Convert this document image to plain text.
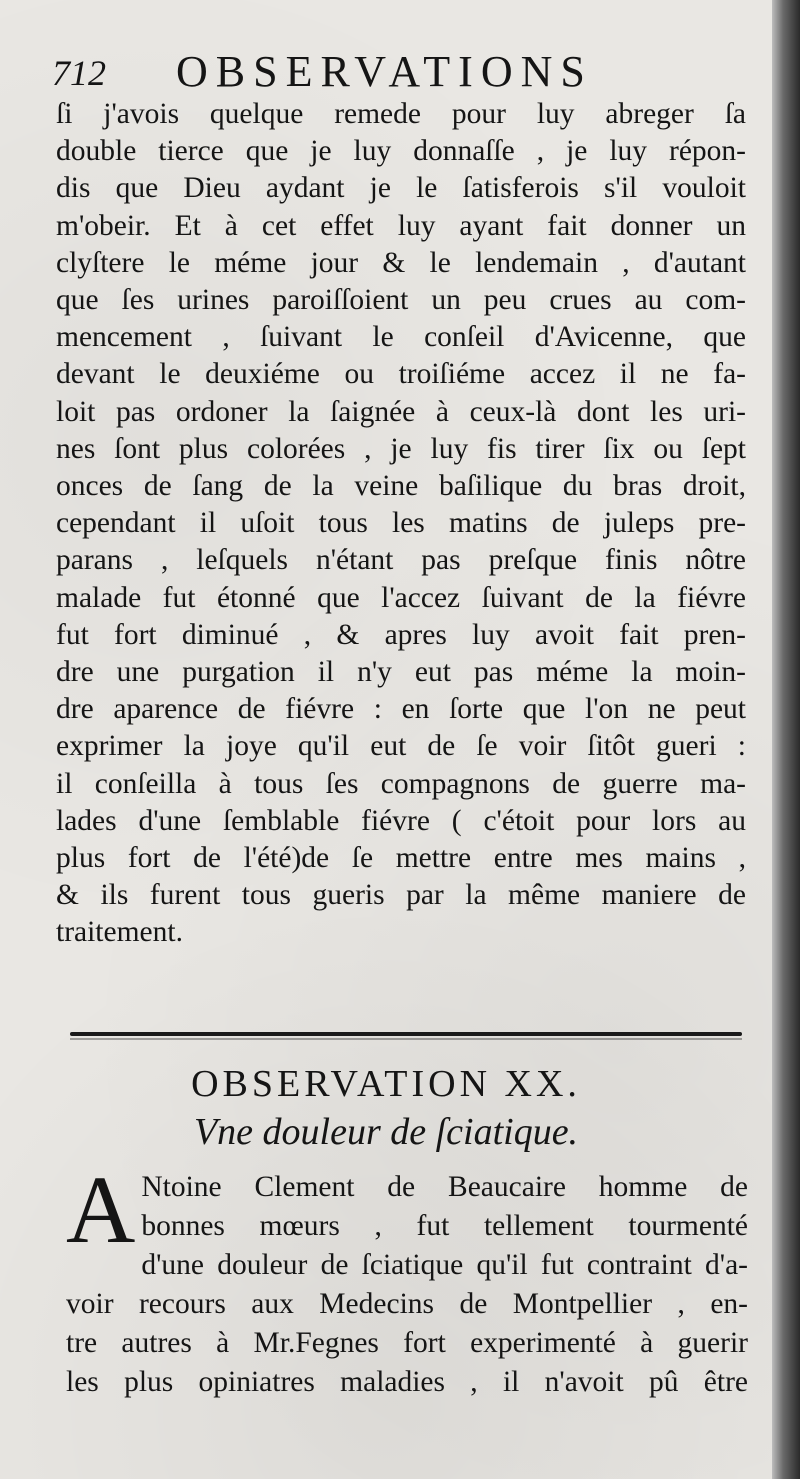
712 OBSERVATIONS
ſi j'avois quelque remede pour luy abreger ſa
double tierce que je luy donnaſſe , je luy répon-
dis que Dieu aydant je le ſatisferois s'il vouloit
m'obeir. Et à cet effet luy ayant fait donner un
clyſtere le méme jour & le lendemain , d'autant
que ſes urines paroiſſoient un peu crues au com-
mencement , ſuivant le conſeil d'Avicenne, que
devant le deuxiéme ou troiſiéme accez il ne fa-
loit pas ordoner la ſaignée à ceux-là dont les uri-
nes ſont plus colorées , je luy fis tirer ſix ou ſept
onces de ſang de la veine baſilique du bras droit,
cependant il uſoit tous les matins de juleps pre-
parans , leſquels n'étant pas preſque finis nôtre
malade fut étonné que l'accez ſuivant de la fiévre
fut fort diminué , & apres luy avoit fait pren-
dre une purgation il n'y eut pas méme la moin-
dre aparence de fiévre : en ſorte que l'on ne peut
exprimer la joye qu'il eut de ſe voir ſitôt gueri :
il conſeilla à tous ſes compagnons de guerre ma-
lades d'une ſemblable fiévre ( c'étoit pour lors au
plus fort de l'été)de ſe mettre entre mes mains ,
& ils furent tous gueris par la même maniere de
traitement.
OBSERVATION XX.
Vne douleur de ſciatique.
A Ntoine Clement de Beaucaire homme de
bonnes mœurs , fut tellement tourmenté
d'une douleur de ſciatique qu'il fut contraint d'a-
voir recours aux Medecins de Montpellier , en-
tre autres à Mr.Fegnes fort experimenté à guerir
les plus opiniatres maladies , il n'avoit pû être
